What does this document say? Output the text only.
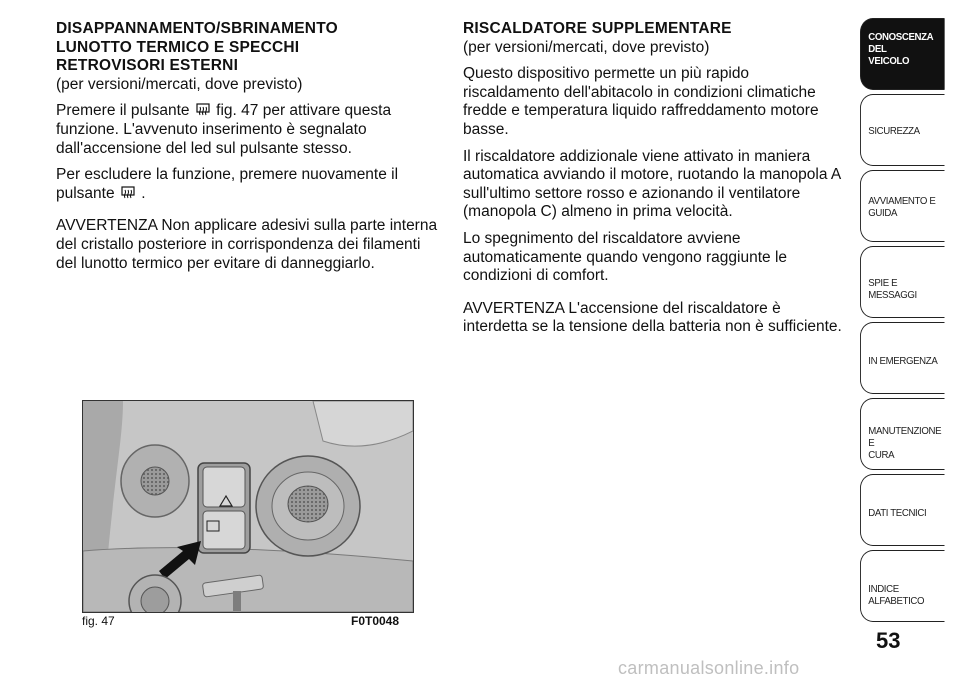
DISAPPANNAMENTO/SBRINAMENTO
LUNOTTO TERMICO E SPECCHI
RETROVISORI ESTERNI

(per versioni/mercati, dove previsto)

Premere il pulsante fig. 47 per attivare questa funzione. L'avvenuto inserimento è segnalato dall'accensione del led sul pulsante stesso.

Per escludere la funzione, premere nuovamente il pulsante .

AVVERTENZA Non applicare adesivi sulla parte interna del cristallo posteriore in corrispondenza dei filamenti del lunotto termico per evitare di danneggiarlo.

RISCALDATORE SUPPLEMENTARE

(per versioni/mercati, dove previsto)

Questo dispositivo permette un più rapido riscaldamento dell'abitacolo in condizioni climatiche fredde e temperatura liquido raffreddamento motore basse.

Il riscaldatore addizionale viene attivato in maniera automatica avviando il motore, ruotando la manopola A sull'ultimo settore rosso e azionando il ventilatore (manopola C) almeno in prima velocità.

Lo spegnimento del riscaldatore avviene automaticamente quando vengono raggiunte le condizioni di comfort.

AVVERTENZA L'accensione del riscaldatore è interdetta se la tensione della batteria non è sufficiente.

fig. 47	F0T0048
CONOSCENZA DEL
VEICOLO
SICUREZZA
AVVIAMENTO E
GUIDA
SPIE E MESSAGGI
IN EMERGENZA
MANUTENZIONE E
CURA
DATI TECNICI
INDICE ALFABETICO
53
carmanualsonline.info
